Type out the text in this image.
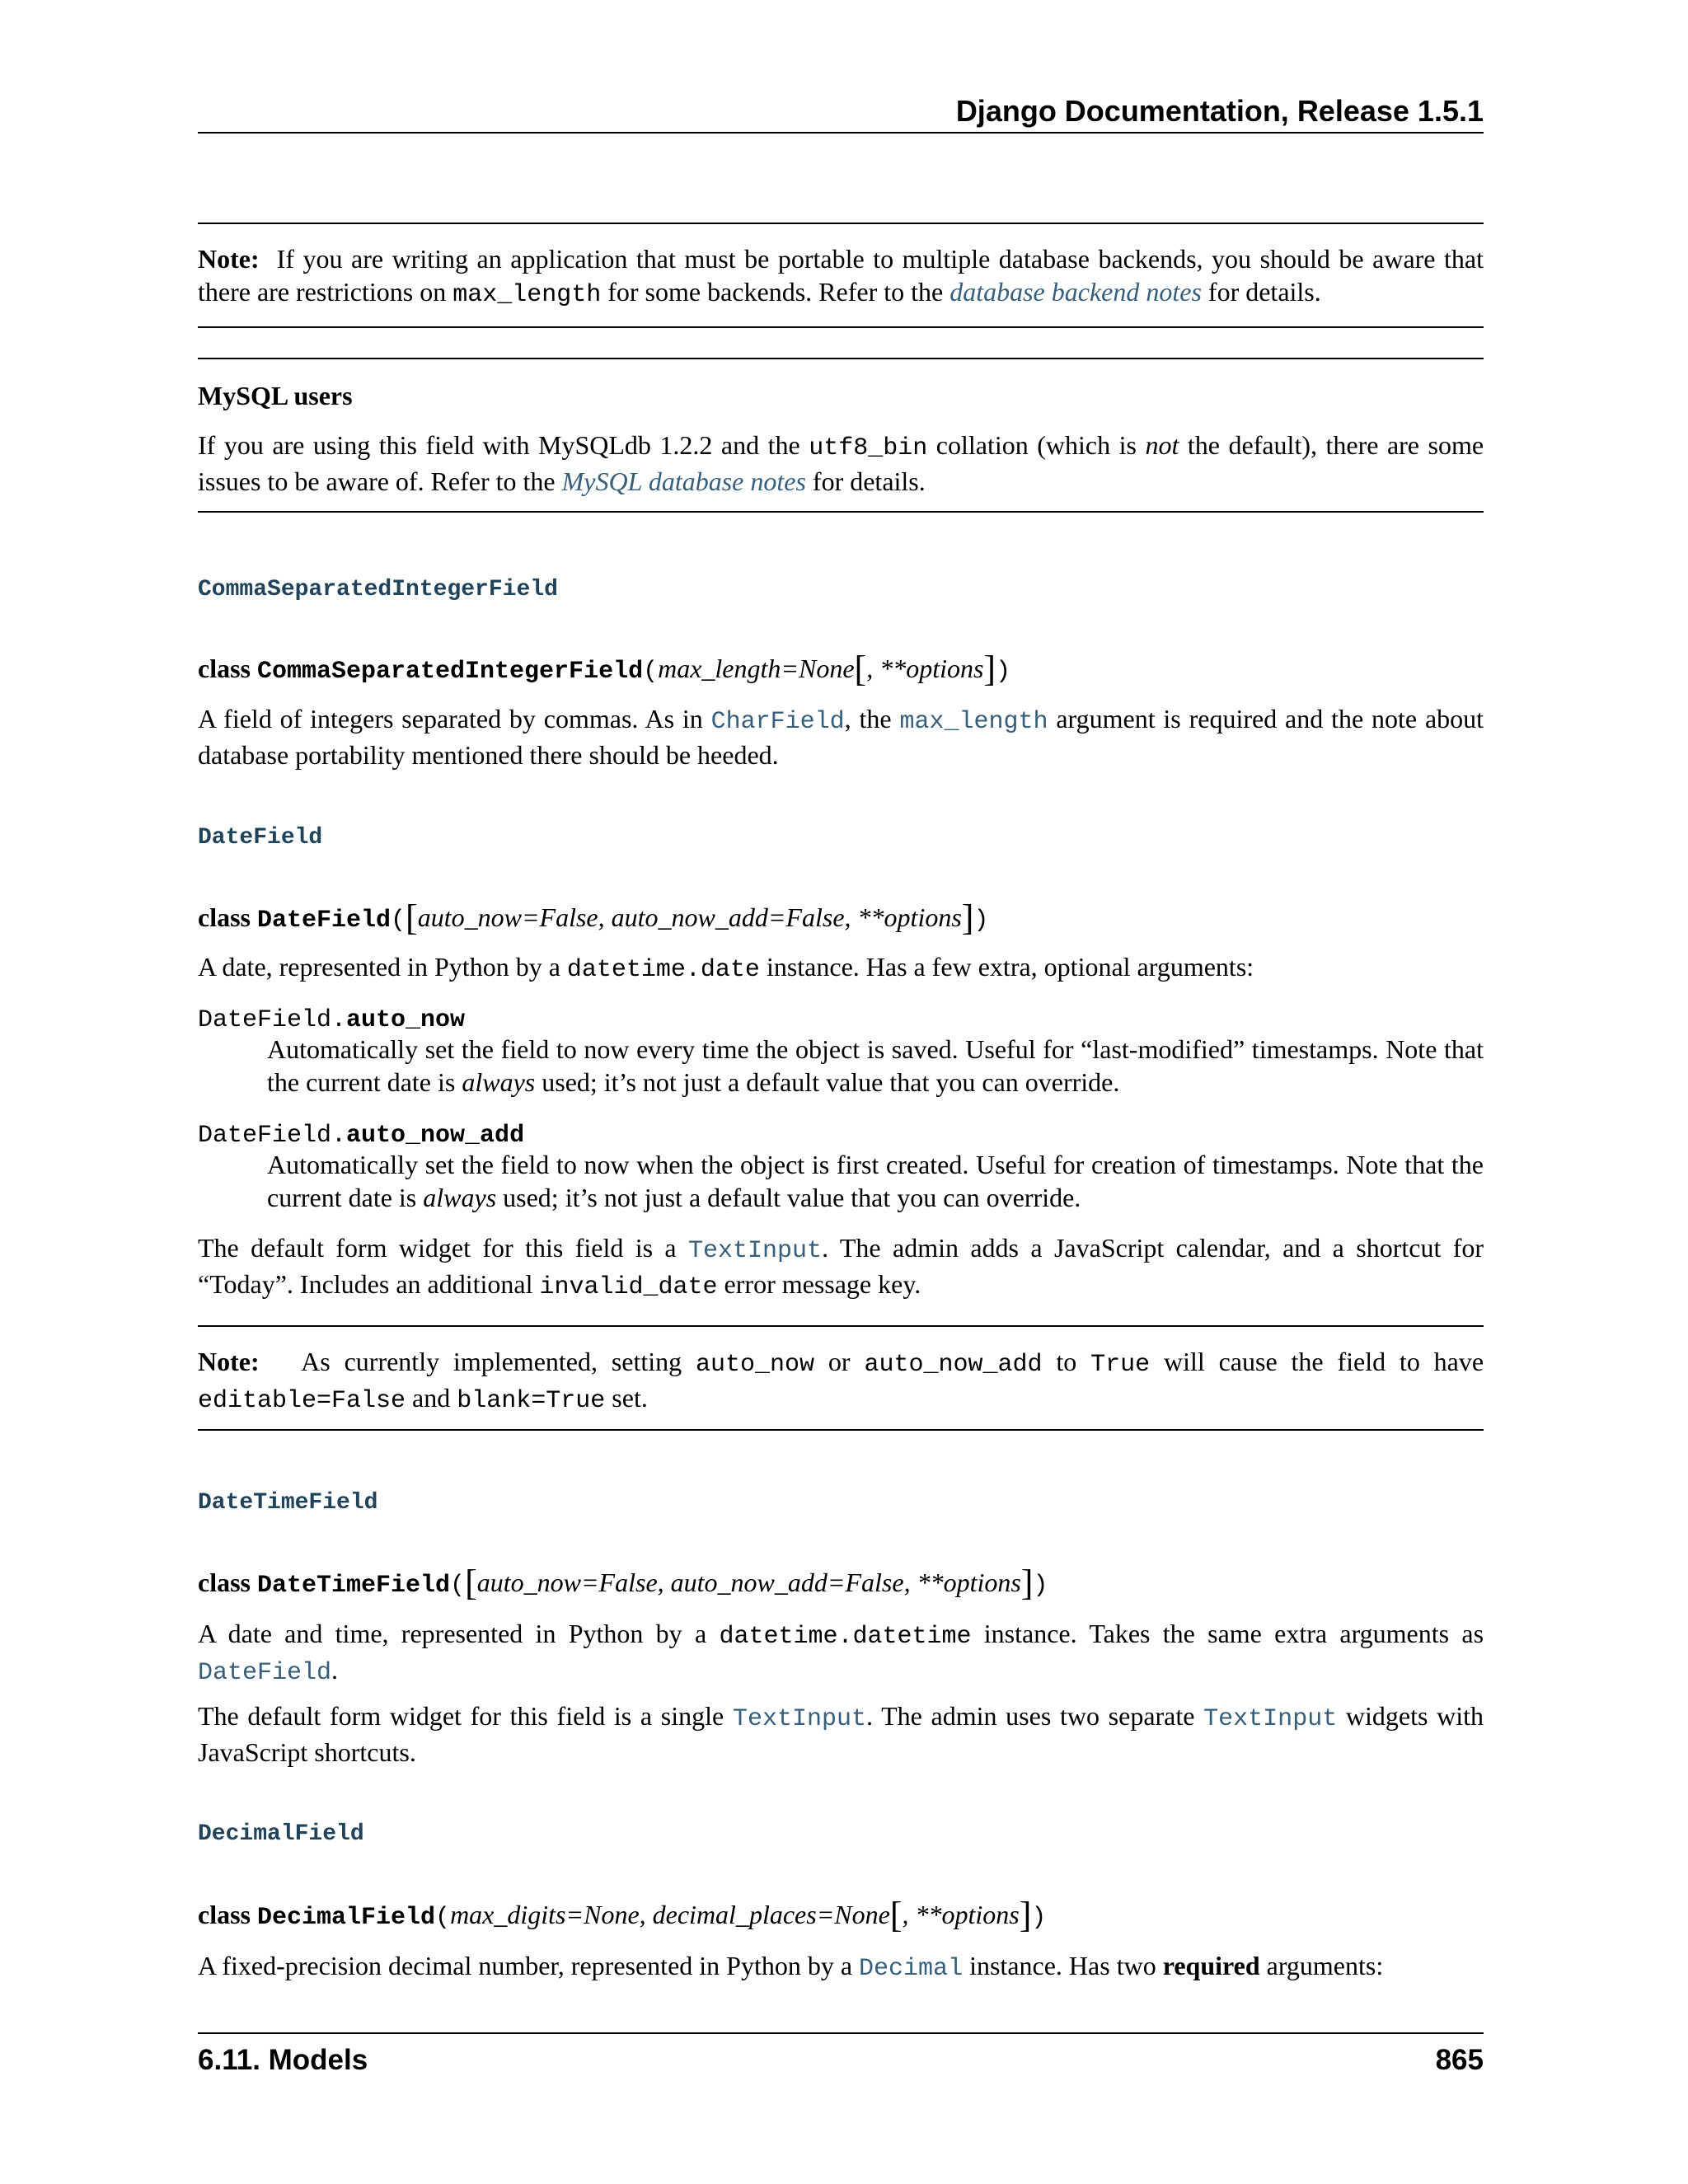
Django Documentation, Release 1.5.1

Note: If you are writing an application that must be portable to multiple database backends, you should be aware that there are restrictions on max_length for some backends. Refer to the database backend notes for details.

MySQL users

If you are using this field with MySQLdb 1.2.2 and the utf8_bin collation (which is not the default), there are some issues to be aware of. Refer to the MySQL database notes for details.

CommaSeparatedIntegerField
class CommaSeparatedIntegerField(max_length=None[, **options])

A field of integers separated by commas. As in CharField, the max_length argument is required and the note about database portability mentioned there should be heeded.

DateField
class DateField([auto_now=False, auto_now_add=False, **options])

A date, represented in Python by a datetime.date instance. Has a few extra, optional arguments:

DateField.auto_now

Automatically set the field to now every time the object is saved. Useful for “last-modified” timestamps. Note that the current date is always used; it’s not just a default value that you can override.

DateField.auto_now_add

Automatically set the field to now when the object is first created. Useful for creation of timestamps. Note that the current date is always used; it’s not just a default value that you can override.

The default form widget for this field is a TextInput. The admin adds a JavaScript calendar, and a shortcut for “Today”. Includes an additional invalid_date error message key.

Note: As currently implemented, setting auto_now or auto_now_add to True will cause the field to have editable=False and blank=True set.

DateTimeField
class DateTimeField([auto_now=False, auto_now_add=False, **options])

A date and time, represented in Python by a datetime.datetime instance. Takes the same extra arguments as DateField.

The default form widget for this field is a single TextInput. The admin uses two separate TextInput widgets with JavaScript shortcuts.

DecimalField
class DecimalField(max_digits=None, decimal_places=None[, **options])

A fixed-precision decimal number, represented in Python by a Decimal instance. Has two required arguments:

6.11. Models	865
